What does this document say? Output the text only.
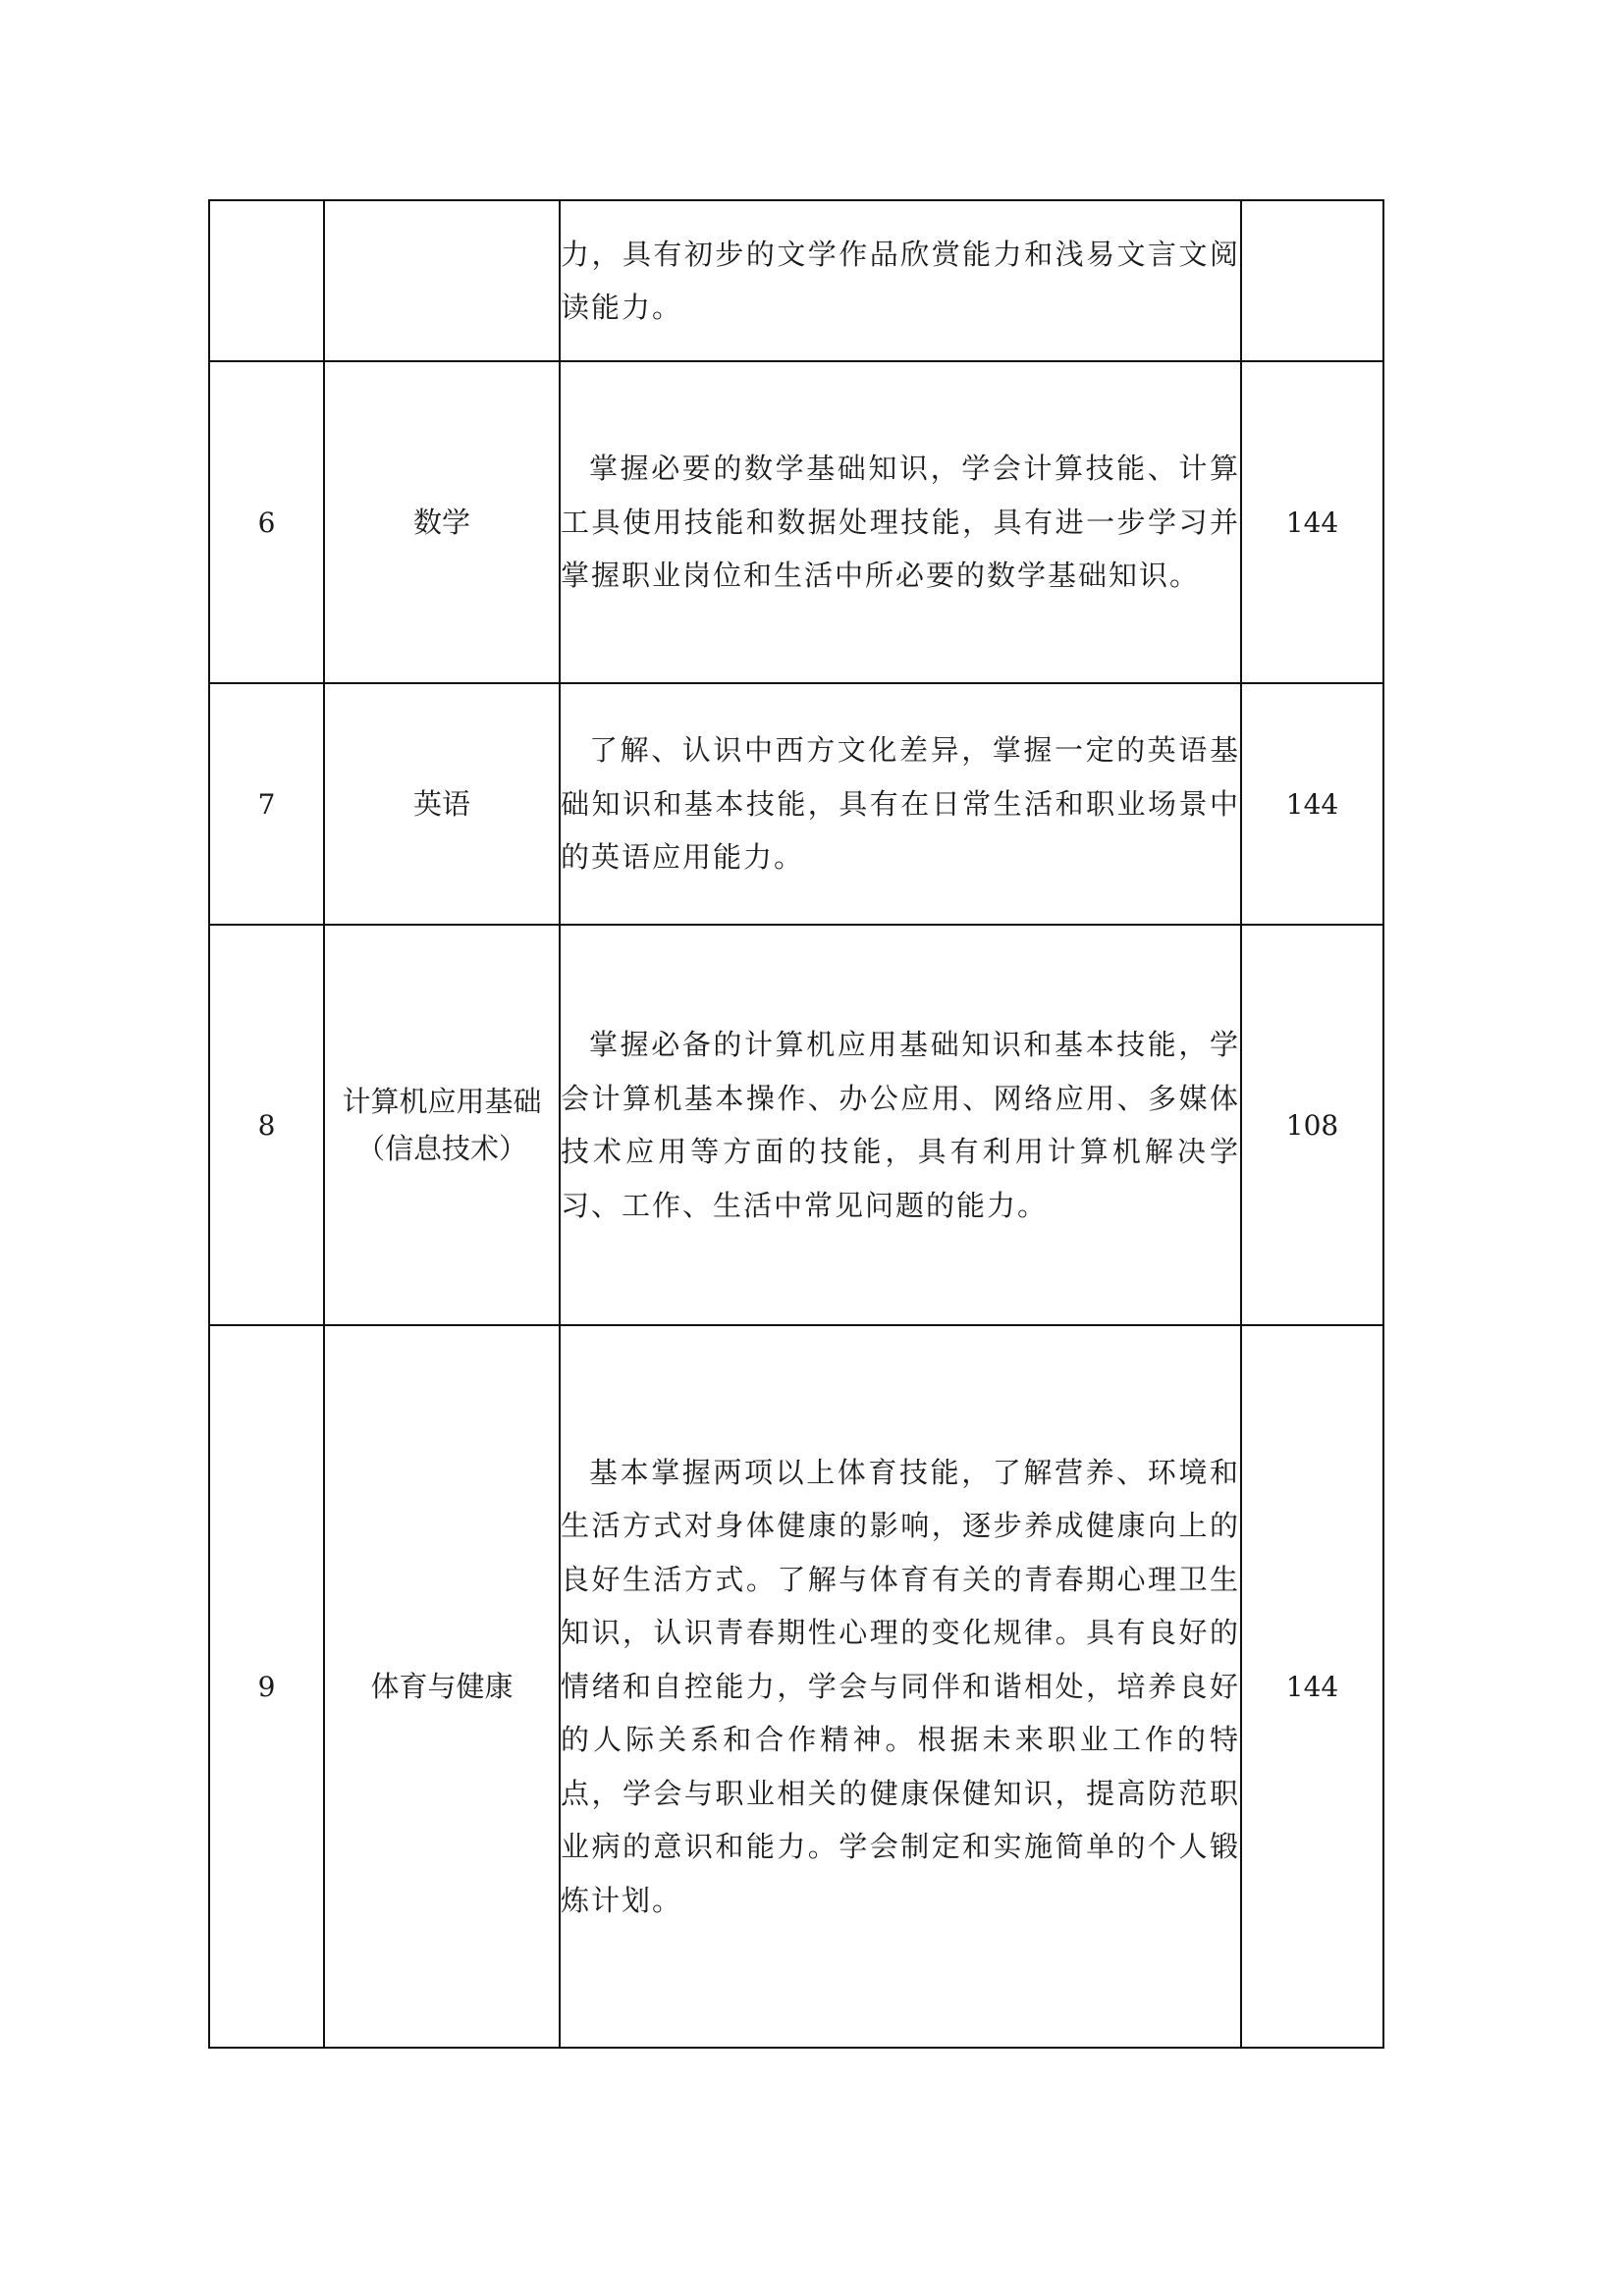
		力，具有初步的文学作品欣赏能力和浅易文言文阅读能力。	

6	数学	掌握必要的数学基础知识，学会计算技能、计算工具使用技能和数据处理技能，具有进一步学习并掌握职业岗位和生活中所必要的数学基础知识。	144
7	英语	了解、认识中西方文化差异，掌握一定的英语基础知识和基本技能，具有在日常生活和职业场景中的英语应用能力。	144
8	计算机应用基础（信息技术）	掌握必备的计算机应用基础知识和基本技能，学会计算机基本操作、办公应用、网络应用、多媒体技术应用等方面的技能，具有利用计算机解决学习、工作、生活中常见问题的能力。	108
9	体育与健康	基本掌握两项以上体育技能，了解营养、环境和生活方式对身体健康的影响，逐步养成健康向上的良好生活方式。了解与体育有关的青春期心理卫生知识，认识青春期性心理的变化规律。具有良好的情绪和自控能力，学会与同伴和谐相处，培养良好的人际关系和合作精神。根据未来职业工作的特点，学会与职业相关的健康保健知识，提高防范职业病的意识和能力。学会制定和实施简单的个人锻炼计划。	144
